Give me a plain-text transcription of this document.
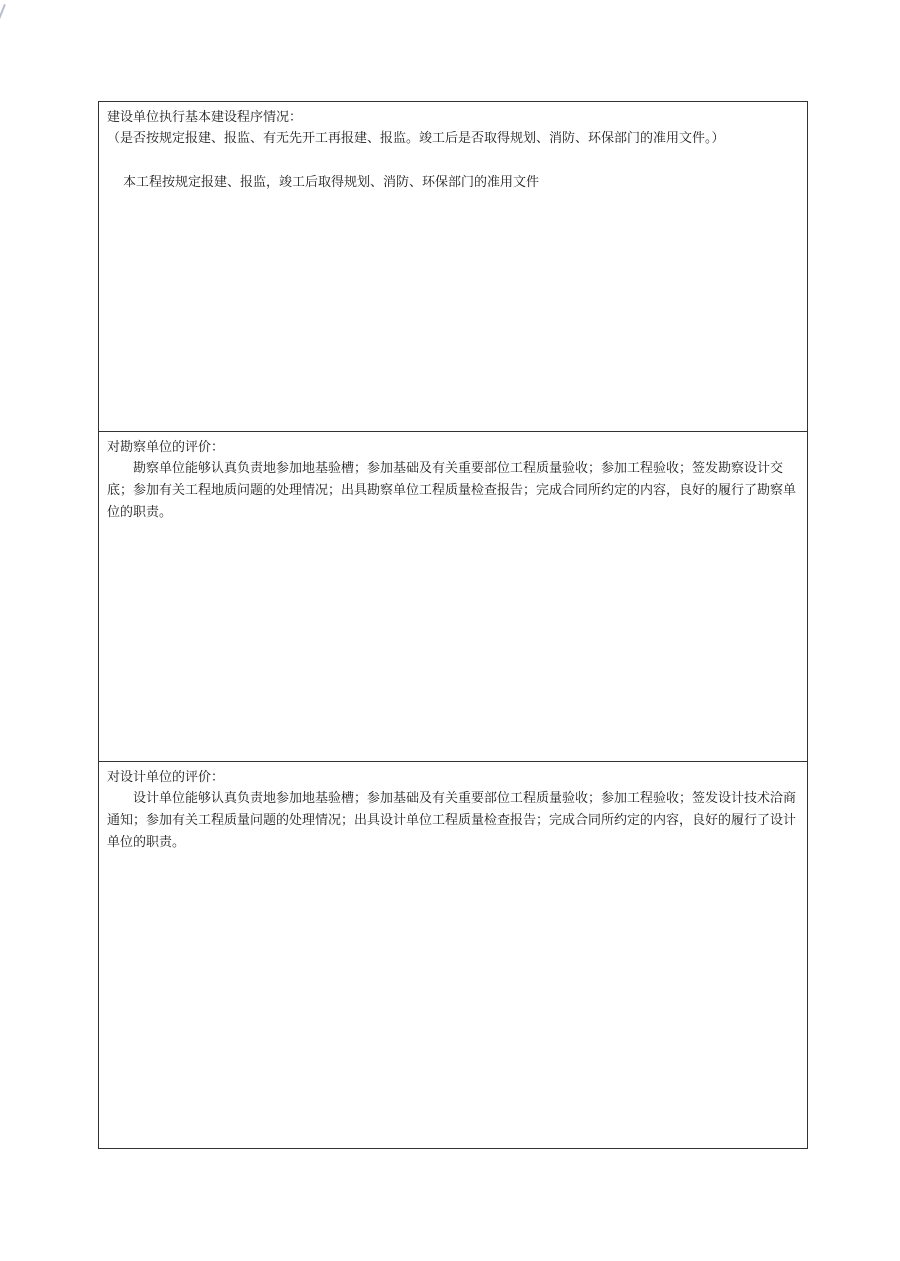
建设单位执行基本建设程序情况：

（是否按规定报建、报监、有无先开工再报建、报监。竣工后是否取得规划、消防、环保部门的准用文件。）

本工程按规定报建、报监，竣工后取得规划、消防、环保部门的准用文件

对勘察单位的评价：

勘察单位能够认真负责地参加地基验槽；参加基础及有关重要部位工程质量验收；参加工程验收；签发勘察设计交底；参加有关工程地质问题的处理情况；出具勘察单位工程质量检查报告；完成合同所约定的内容，良好的履行了勘察单位的职责。

对设计单位的评价：

设计单位能够认真负责地参加地基验槽；参加基础及有关重要部位工程质量验收；参加工程验收；签发设计技术洽商通知；参加有关工程质量问题的处理情况；出具设计单位工程质量检查报告；完成合同所约定的内容，良好的履行了设计单位的职责。
